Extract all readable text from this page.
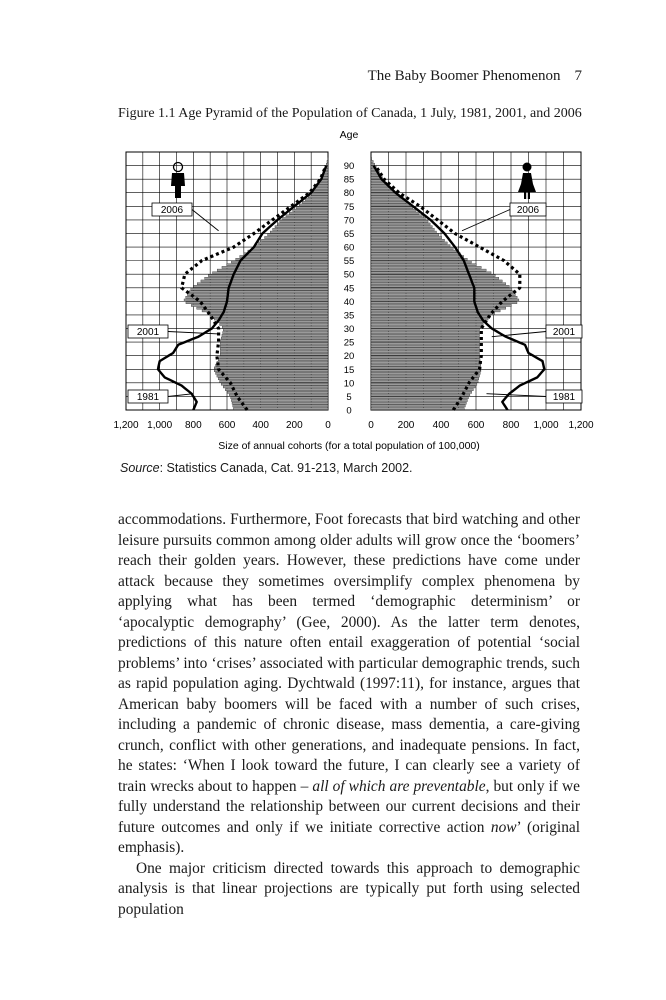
The Baby Boomer Phenomenon 7
Figure 1.1 Age Pyramid of the Population of Canada, 1 July, 1981, 2001, and 2006
90
85
80
75
70
65
60
55
50
45
40
35
30
25
20
15
10
5
0
1,200 1,000 800 600 400 200 0	0 200 400 600 800 1,000 1,200
2006
2001
1981
2006
2001
1981
Age
Size of annual cohorts (for a total population of 100,000)
Source: Statistics Canada, Cat. 91-213, March 2002.

accommodations. Furthermore, Foot forecasts that bird watching and other leisure pursuits common among older adults will grow once the ‘boomers’ reach their golden years. However, these predictions have come under attack because they sometimes oversimplify complex phenomena by applying what has been termed ‘demographic determinism’ or ‘apocalyptic demography’ (Gee, 2000). As the latter term denotes, predictions of this nature often entail exaggeration of potential ‘social problems’ into ‘crises’ associated with particular demographic trends, such as rapid population aging. Dychtwald (1997:11), for instance, argues that American baby boomers will be faced with a number of such crises, including a pandemic of chronic disease, mass dementia, a care-giving crunch, conflict with other generations, and inadequate pensions. In fact, he states: ‘When I look toward the future, I can clearly see a variety of train wrecks about to happen – all of which are preventable, but only if we fully understand the relationship between our current decisions and their future outcomes and only if we initiate corrective action now’ (original emphasis).

One major criticism directed towards this approach to demographic analysis is that linear projections are typically put forth using selected population
